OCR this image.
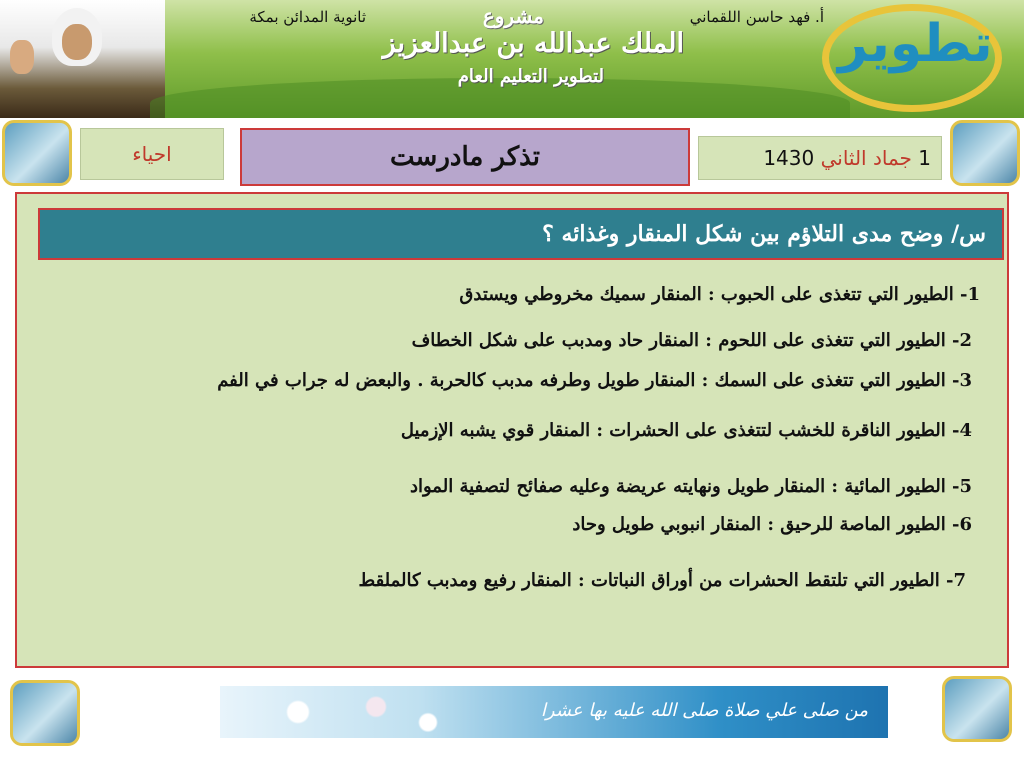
أ. فهد حاسن اللقماني
ثانوية المدائن بمكة	مشروع
الملك عبدالله بن عبدالعزيز
لتطوير التعليم العام
تطوير
احياء	تذكر مادرست	1 جماد الثاني 1430
س/ وضح مدى التلاؤم بين شكل المنقار وغذائه ؟
1- الطيور التي تتغذى على الحبوب : المنقار سميك مخروطي ويستدق
2- الطيور التي تتغذى على اللحوم : المنقار حاد ومدبب على شكل الخطاف
3- الطيور التي تتغذى على السمك : المنقار طويل وطرفه مدبب كالحربة . والبعض له جراب في الفم
4- الطيور الناقرة للخشب لتتغذى على الحشرات : المنقار قوي يشبه الإزميل
5- الطيور المائية : المنقار طويل ونهايته عريضة وعليه صفائح لتصفية المواد
6- الطيور الماصة للرحيق : المنقار انبوبي طويل وحاد
7- الطيور التي تلتقط الحشرات من أوراق النباتات : المنقار رفيع ومدبب كالملقط
من صلى علي صلاة صلى الله عليه بها عشرا
